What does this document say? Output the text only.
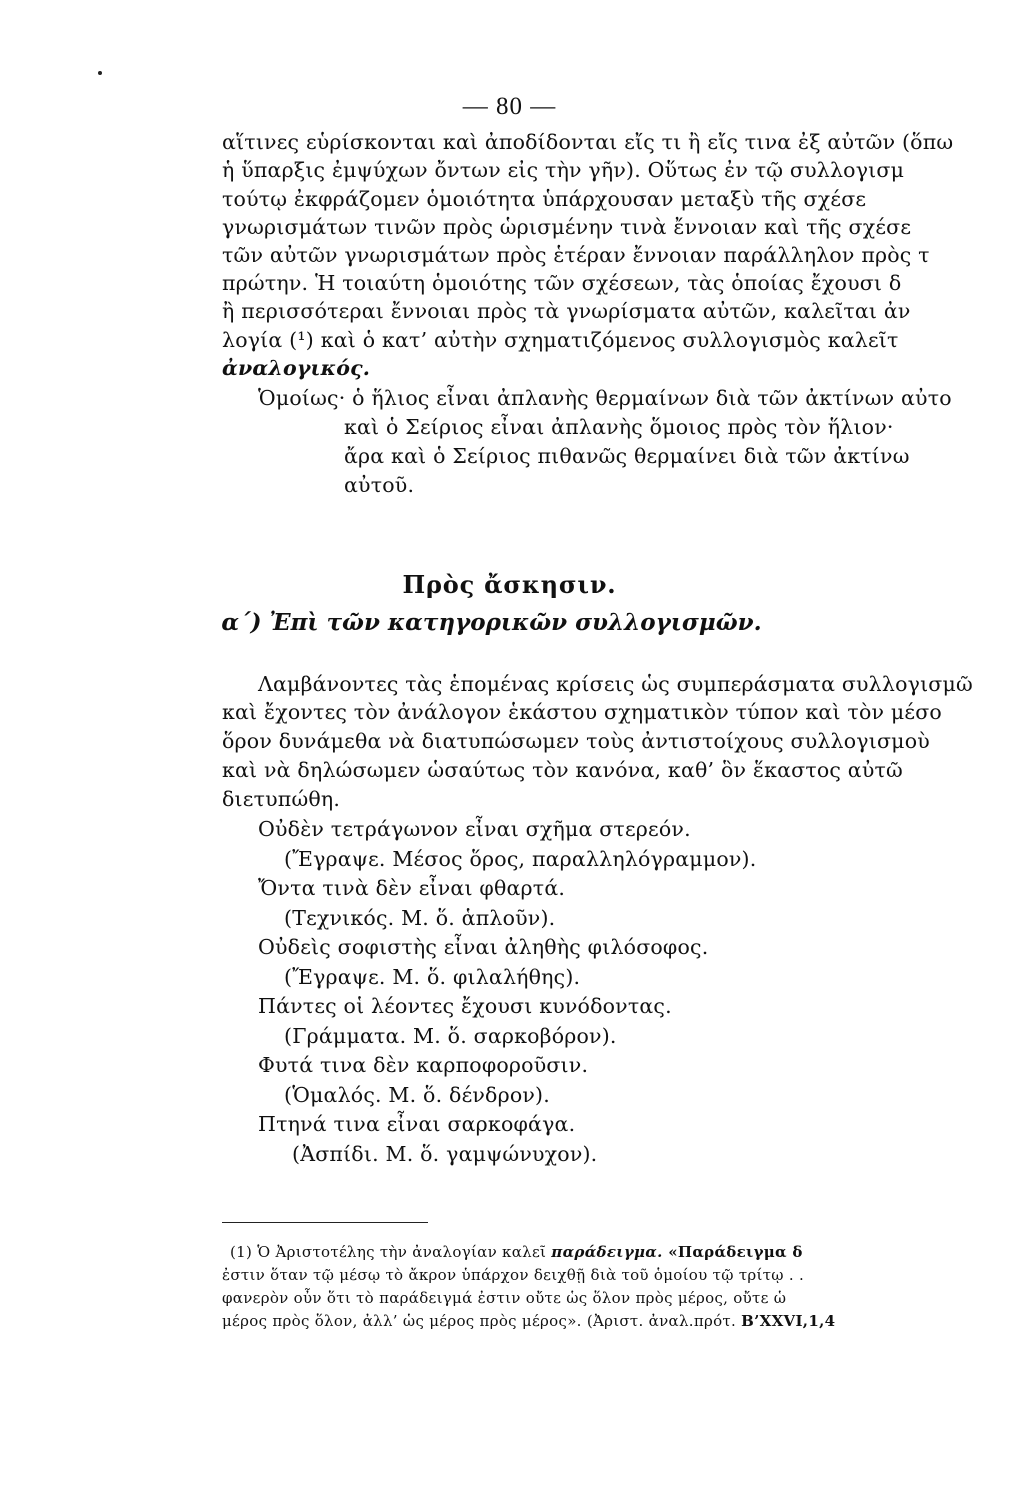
— 80 —
αἵτινες εὑρίσκονται καὶ ἀποδίδονται εἴς τι ἢ εἴς τινα ἐξ αὐτῶν (ὅπω
ἡ ὕπαρξις ἐμψύχων ὄντων εἰς τὴν γῆν). Οὕτως ἐν τῷ συλλογισμ
τούτῳ ἐκφράζομεν ὁμοιότητα ὑπάρχουσαν μεταξὺ τῆς σχέσε
γνωρισμάτων τινῶν πρὸς ὡρισμένην τινὰ ἔννοιαν καὶ τῆς σχέσε
τῶν αὐτῶν γνωρισμάτων πρὸς ἑτέραν ἔννοιαν παράλληλον πρὸς τ
πρώτην. Ἡ τοιαύτη ὁμοιότης τῶν σχέσεων, τὰς ὁποίας ἔχουσι δ
ἢ περισσότεραι ἔννοιαι πρὸς τὰ γνωρίσματα αὐτῶν, καλεῖται ἀν
λογία (¹) καὶ ὁ κατ’ αὐτὴν σχηματιζόμενος συλλογισμὸς καλεῖτ
ἀναλογικός.
Ὁμοίως· ὁ ἥλιος εἶναι ἀπλανὴς θερμαίνων διὰ τῶν ἀκτίνων αὐτο
καὶ ὁ Σείριος εἶναι ἀπλανὴς ὅμοιος πρὸς τὸν ἥλιον·
ἄρα καὶ ὁ Σείριος πιθανῶς θερμαίνει διὰ τῶν ἀκτίνω
αὐτοῦ.
Πρὸς ἄσκησιν.
α΄) Ἐπὶ τῶν κατηγορικῶν συλλογισμῶν.
Λαμβάνοντες τὰς ἑπομένας κρίσεις ὡς συμπεράσματα συλλογισμῶ
καὶ ἔχοντες τὸν ἀνάλογον ἑκάστου σχηματικὸν τύπον καὶ τὸν μέσο
ὅρον δυνάμεθα νὰ διατυπώσωμεν τοὺς ἀντιστοίχους συλλογισμοὺ
καὶ νὰ δηλώσωμεν ὡσαύτως τὸν κανόνα, καθ’ ὃν ἕκαστος αὐτῶ
διετυπώθη.
Οὐδὲν τετράγωνον εἶναι σχῆμα στερεόν.
(Ἔγραψε. Μέσος ὅρος, παραλληλόγραμμον).
Ὄντα τινὰ δὲν εἶναι φθαρτά.
(Τεχνικός. Μ. ὅ. ἁπλοῦν).
Οὐδεὶς σοφιστὴς εἶναι ἀληθὴς φιλόσοφος.
(Ἔγραψε. Μ. ὅ. φιλαλήθης).
Πάντες οἱ λέοντες ἔχουσι κυνόδοντας.
(Γράμματα. Μ. ὅ. σαρκοβόρον).
Φυτά τινα δὲν καρποφοροῦσιν.
(Ὁμαλός. Μ. ὅ. δένδρον).
Πτηνά τινα εἶναι σαρκοφάγα.
(Ἀσπίδι. Μ. ὅ. γαμψώνυχον).
(1) Ὁ Ἀριστοτέλης τὴν ἀναλογίαν καλεῖ παράδειγμα. «Παράδειγμα δ
ἐστιν ὅταν τῷ μέσῳ τὸ ἄκρον ὑπάρχον δειχθῇ διὰ τοῦ ὁμοίου τῷ τρίτῳ . .
φανερὸν οὖν ὅτι τὸ παράδειγμά ἐστιν οὔτε ὡς ὅλον πρὸς μέρος, οὔτε ὡ
μέρος πρὸς ὅλον, ἀλλ’ ὡς μέρος πρὸς μέρος». (Ἀριστ. ἀναλ.πρότ. Β’XXVI,1,4
